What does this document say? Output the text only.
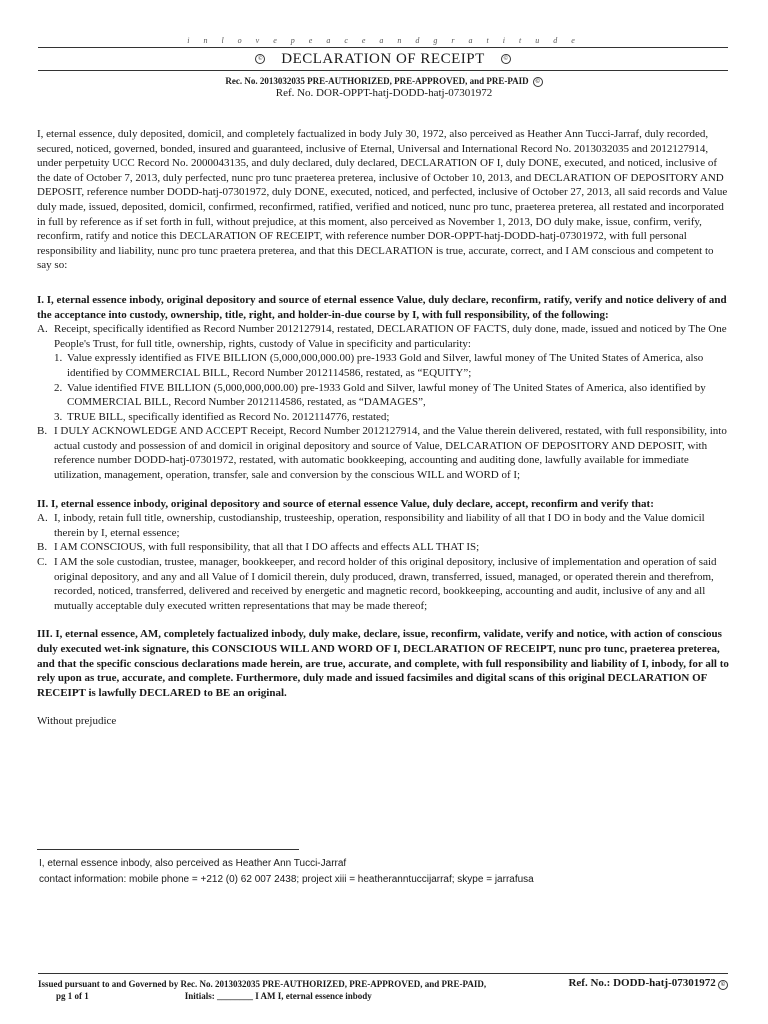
i n l o v e p e a c e a n d g r a t i t u d e
© DECLARATION OF RECEIPT	©
Rec. No. 2013032035 PRE-AUTHORIZED, PRE-APPROVED, and PRE-PAID ©
Ref. No. DOR-OPPT-hatj-DODD-hatj-07301972

I, eternal essence, duly deposited, domicil, and completely factualized in body July 30, 1972, also perceived as Heather Ann Tucci-Jarraf, duly recorded, secured, noticed, governed, bonded, insured and guaranteed, inclusive of Eternal, Universal and International Record No. 2013032035 and 2012127914, under perpetuity UCC Record No. 2000043135, and duly declared, duly declared, DECLARATION OF I, duly DONE, executed, and noticed, inclusive of the date of October 7, 2013, duly perfected, nunc pro tunc praeterea preterea, inclusive of October 10, 2013, and DECLARATION OF DEPOSITORY AND DEPOSIT, reference number DODD-hatj-07301972, duly DONE, executed, noticed, and perfected, inclusive of October 27, 2013, all said records and Value duly made, issued, deposited, domicil, confirmed, reconfirmed, ratified, verified and noticed, nunc pro tunc, praeterea preterea, all restated and incorporated in full by reference as if set forth in full, without prejudice, at this moment, also perceived as November 1, 2013, DO duly make, issue, confirm, verify, reconfirm, ratify and notice this DECLARATION OF RECEIPT, with reference number DOR-OPPT-hatj-DODD-hatj-07301972, with full personal responsibility and liability, nunc pro tunc praetera preterea, and that this DECLARATION is true, accurate, correct, and I AM conscious and competent to say so:

I. I, eternal essence inbody, original depository and source of eternal essence Value, duly declare, reconfirm, ratify, verify and notice delivery of and the acceptance into custody, ownership, title, right, and holder-in-due course by I, with full responsibility, of the following:

A. Receipt, specifically identified as Record Number 2012127914, restated, DECLARATION OF FACTS, duly done, made, issued and noticed by The One People's Trust, for full title, ownership, rights, custody of Value in specificity and particularity:
1. Value expressly identified as FIVE BILLION (5,000,000,000.00) pre-1933 Gold and Silver, lawful money of The United States of America, also identified by COMMERCIAL BILL, Record Number 2012114586, restated, as “EQUITY”;
2. Value identified FIVE BILLION (5,000,000,000.00) pre-1933 Gold and Silver, lawful money of The United States of America, also identified by COMMERCIAL BILL, Record Number 2012114586, restated, as “DAMAGES”,
3. TRUE BILL, specifically identified as Record No. 2012114776, restated;
B. I DULY ACKNOWLEDGE AND ACCEPT Receipt, Record Number 2012127914, and the Value therein delivered, restated, with full responsibility, into actual custody and possession of and domicil in original depository and source of Value, DELCARATION OF DEPOSITORY AND DEPOSIT, with reference number DODD-hatj-07301972, restated, with automatic bookkeeping, accounting and auditing done, lawfully available for immediate utilization, management, operation, transfer, sale and conversion by the conscious WILL and WORD of I;

II. I, eternal essence inbody, original depository and source of eternal essence Value, duly declare, accept, reconfirm and verify that:

A. I, inbody, retain full title, ownership, custodianship, trusteeship, operation, responsibility and liability of all that I DO in body and the Value domicil therein by I, eternal essence;
B. I AM CONSCIOUS, with full responsibility, that all that I DO affects and effects ALL THAT IS;
C. I AM the sole custodian, trustee, manager, bookkeeper, and record holder of this original depository, inclusive of implementation and operation of said original depository, and any and all Value of I domicil therein, duly produced, drawn, transferred, issued, managed, or operated therein and therefrom, recorded, noticed, transferred, delivered and received by energetic and magnetic record, bookkeeping, accounting and audit, inclusive of any and all mutually acceptable duly executed written representations that may be made thereof;

III. I, eternal essence, AM, completely factualized inbody, duly make, declare, issue, reconfirm, validate, verify and notice, with action of conscious duly executed wet-ink signature, this CONSCIOUS WILL AND WORD OF I, DECLARATION OF RECEIPT, nunc pro tunc, praeterea preterea, and that the specific conscious declarations made herein, are true, accurate, and complete, with full responsibility and liability of I, inbody, for all to rely upon as true, accurate, and complete. Furthermore, duly made and issued facsimiles and digital scans of this original DECLARATION OF RECEIPT is lawfully DECLARED to BE an original.

Without prejudice

I, eternal essence inbody, also perceived as Heather Ann Tucci-Jarraf
contact information: mobile phone = +212 (0) 62 007 2438; project xiii = heatheranntuccijarraf; skype = jarrafusa
Issued pursuant to and Governed by Rec. No. 2013032035 PRE-AUTHORIZED, PRE-APPROVED, and PRE-PAID,	Ref. No.: DODD-hatj-07301972 ©
pg 1 of 1	Initials: ________ I AM I, eternal essence inbody
